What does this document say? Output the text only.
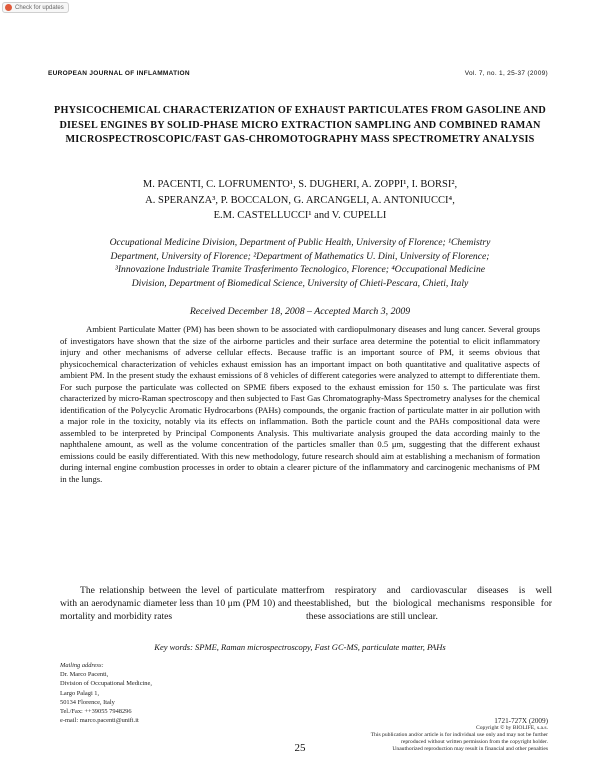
Check for updates
EUROPEAN JOURNAL OF INFLAMMATION	Vol. 7, no. 1, 25-37 (2009)
PHYSICOCHEMICAL CHARACTERIZATION OF EXHAUST PARTICULATES FROM GASOLINE AND DIESEL ENGINES BY SOLID-PHASE MICRO EXTRACTION SAMPLING AND COMBINED RAMAN MICROSPECTROSCOPIC/FAST GAS-CHROMOTOGRAPHY MASS SPECTROMETRY ANALYSIS
M. PACENTI, C. LOFRUMENTO¹, S. DUGHERI, A. ZOPPI¹, I. BORSI²,
A. SPERANZA³, P. BOCCALON, G. ARCANGELI, A. ANTONIUCCI⁴,
E.M. CASTELLUCCI¹ and V. CUPELLI
Occupational Medicine Division, Department of Public Health, University of Florence; ¹Chemistry
Department, University of Florence; ²Department of Mathematics U. Dini, University of Florence;
³Innovazione Industriale Tramite Trasferimento Tecnologico, Florence; ⁴Occupational Medicine
Division, Department of Biomedical Science, University of Chieti-Pescara, Chieti, Italy
Received December 18, 2008 – Accepted March 3, 2009

Ambient Particulate Matter (PM) has been shown to be associated with cardiopulmonary diseases and lung cancer. Several groups of investigators have shown that the size of the airborne particles and their surface area determine the potential to elicit inflammatory injury and other mechanisms of adverse cellular effects. Because traffic is an important source of PM, it seems obvious that physicochemical characterization of vehicles exhaust emission has an important impact on both quantitative and qualitative aspects of ambient PM. In the present study the exhaust emissions of 8 vehicles of different categories were analyzed to attempt to differentiate them. For such purpose the particulate was collected on SPME fibers exposed to the exhaust emission for 150 s. The particulate was first characterized by micro-Raman spectroscopy and then subjected to Fast Gas Chromatography-Mass Spectrometry analyses for the chemical identification of the Polycyclic Aromatic Hydrocarbons (PAHs) compounds, the organic fraction of particulate matter in air pollution with a major role in the toxicity, notably via its effects on inflammation. Both the particle count and the PAHs compositional data were assembled to be interpreted by Principal Components Analysis. This multivariate analysis grouped the data according mainly to the naphthalene amount, as well as the volume concentration of the particles smaller than 0.5 μm, suggesting that the different exhaust emissions could be easily differentiated. With this new methodology, future research should aim at establishing a mechanism of formation during internal engine combustion processes in order to obtain a clearer picture of the inflammatory and carcinogenic mechanisms of PM in the lungs.

The relationship between the level of particulate matter with an aerodynamic diameter less than 10 μm (PM 10) and the mortality and morbidity rates

from respiratory and cardiovascular diseases is well established, but the biological mechanisms responsible for these associations are still unclear.

Key words: SPME, Raman microspectroscopy, Fast GC-MS, particulate matter, PAHs
Mailing address:
Dr. Marco Pacenti,
Division of Occupational Medicine,
Largo Palagi 1,
50134 Florence, Italy
Tel./Fax: ++39055 7948296
e-mail: marco.pacenti@unifi.it
25
1721-727X (2009)
Copyright © by BIOLIFE, s.a.s.
This publication and/or article is for individual use only and may not be further
reproduced without written permission from the copyright holder.
Unauthorized reproduction may result in financial and other penalties
